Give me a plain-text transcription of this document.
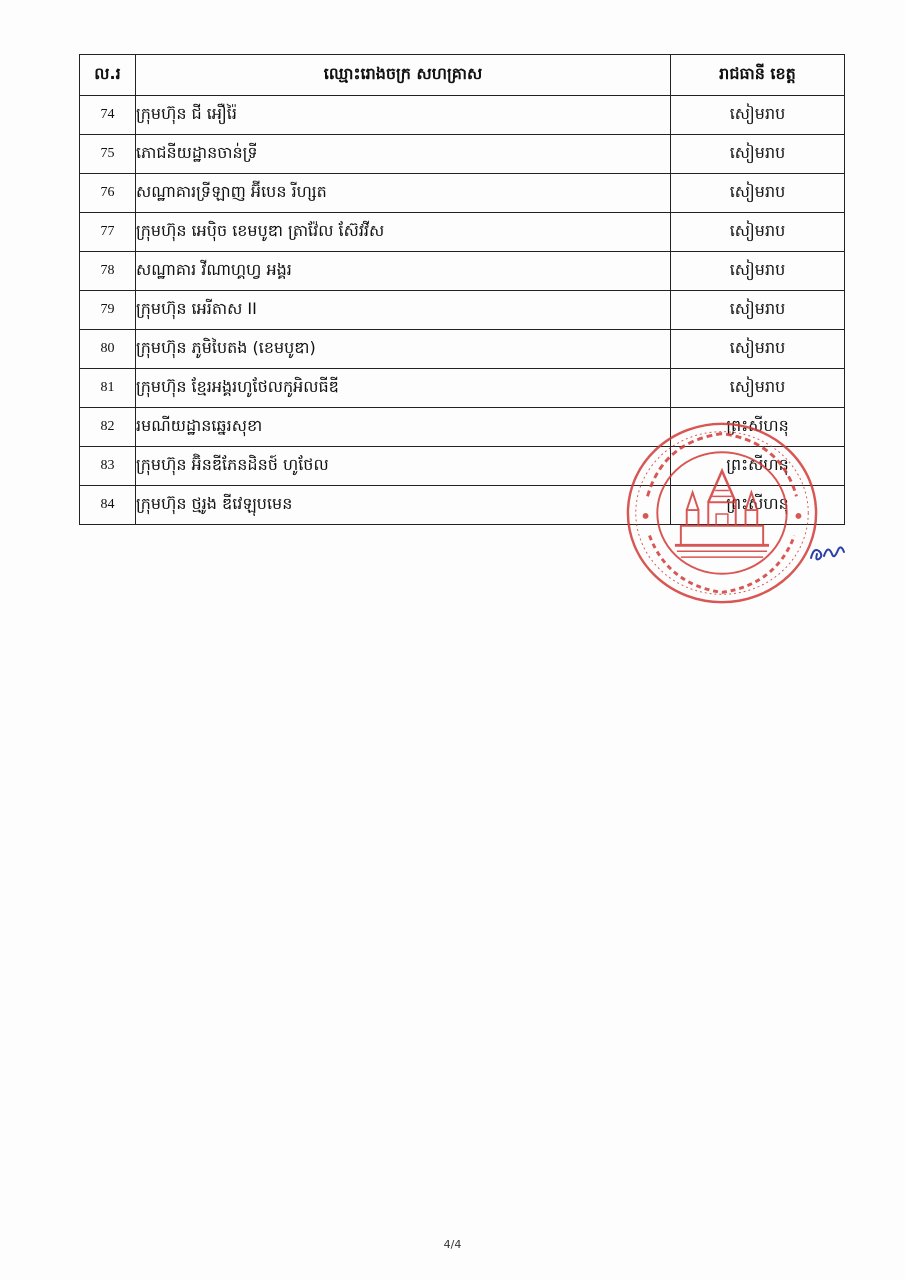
ល.រ	ឈ្មោះរោងចក្រ សហគ្រាស	រាជធានី ខេត្ត
74	ក្រុមហ៊ុន ជី អឿរ៉ៃ	សៀមរាប
75	ភោជនីយដ្ឋានចាន់ទ្រី	សៀមរាប
76	សណ្ឋាគារទ្រីឡាញ អ៊ីបេន រីហ្សត	សៀមរាប
77	ក្រុមហ៊ុន អេប៉ិច ខេមបូឌា ត្រាវ៉ែល ស៊ែវវីស	សៀមរាប
78	សណ្ឋាគារ វីណាហ្គហ្វ អង្គរ	សៀមរាប
79	ក្រុមហ៊ុន អេរីតាស II	សៀមរាប
80	ក្រុមហ៊ុន ភូមិបៃតង (ខេមបូឌា)	សៀមរាប
81	ក្រុមហ៊ុន ខ្មែរអង្គរហូថែលកូអិលធីឌី	សៀមរាប
82	រមណីយដ្ឋានឆ្នេរសុខា	ព្រះសីហនុ
83	ក្រុមហ៊ុន អ៊ិនឌីភែនដិនថ៍ ហូថែល	ព្រះសីហនុ
84	ក្រុមហ៊ុន ថ្មរូង ឌីវេឡុបមេន	ព្រះសីហនុ
4/4
